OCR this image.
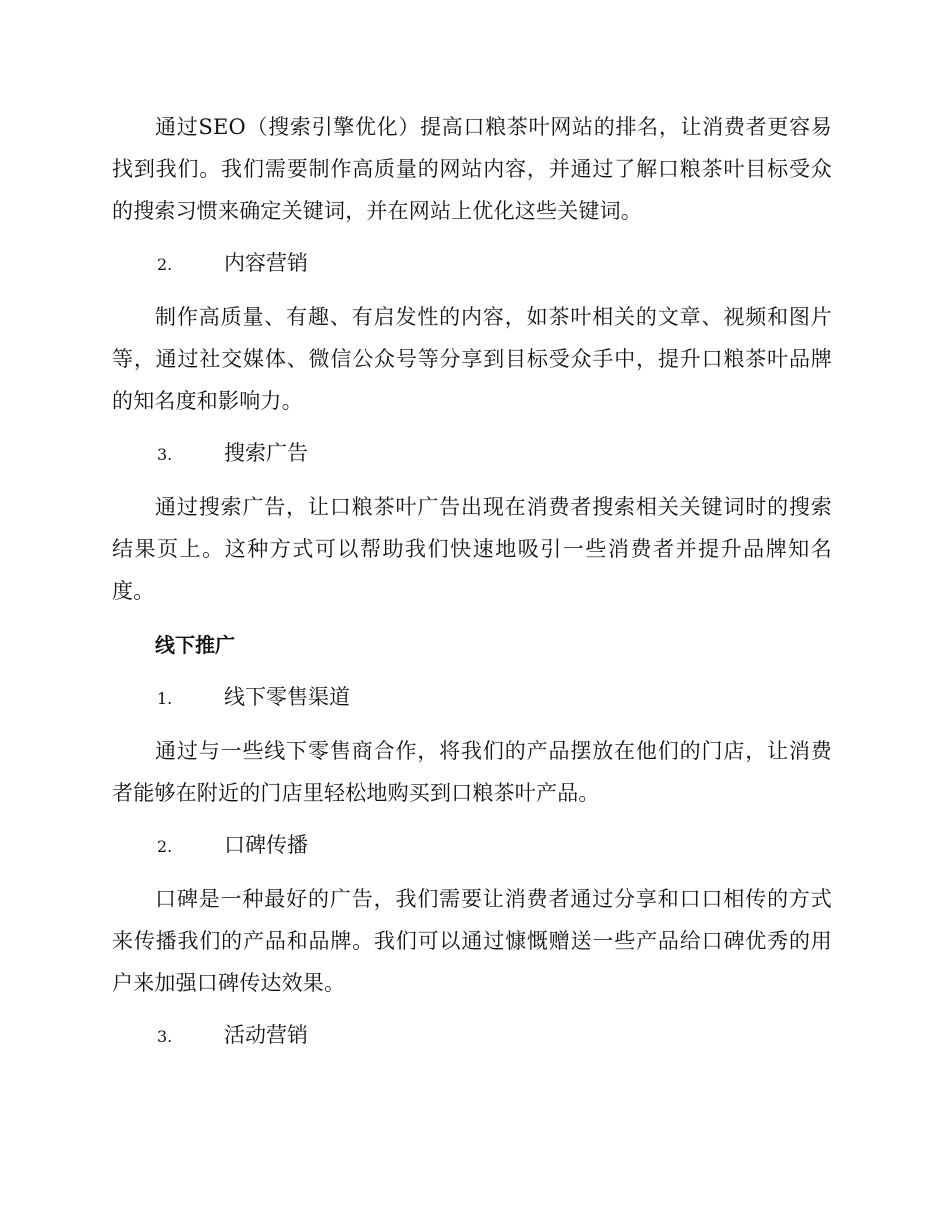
通过SEO（搜索引擎优化）提高口粮茶叶网站的排名，让消费者更容易找到我们。我们需要制作高质量的网站内容，并通过了解口粮茶叶目标受众的搜索习惯来确定关键词，并在网站上优化这些关键词。

2.	内容营销

制作高质量、有趣、有启发性的内容，如茶叶相关的文章、视频和图片等，通过社交媒体、微信公众号等分享到目标受众手中，提升口粮茶叶品牌的知名度和影响力。

3.	搜索广告

通过搜索广告，让口粮茶叶广告出现在消费者搜索相关关键词时的搜索结果页上。这种方式可以帮助我们快速地吸引一些消费者并提升品牌知名度。

线下推广
1.	线下零售渠道

通过与一些线下零售商合作，将我们的产品摆放在他们的门店，让消费者能够在附近的门店里轻松地购买到口粮茶叶产品。

2.	口碑传播

口碑是一种最好的广告，我们需要让消费者通过分享和口口相传的方式来传播我们的产品和品牌。我们可以通过慷慨赠送一些产品给口碑优秀的用户来加强口碑传达效果。

3.	活动营销
